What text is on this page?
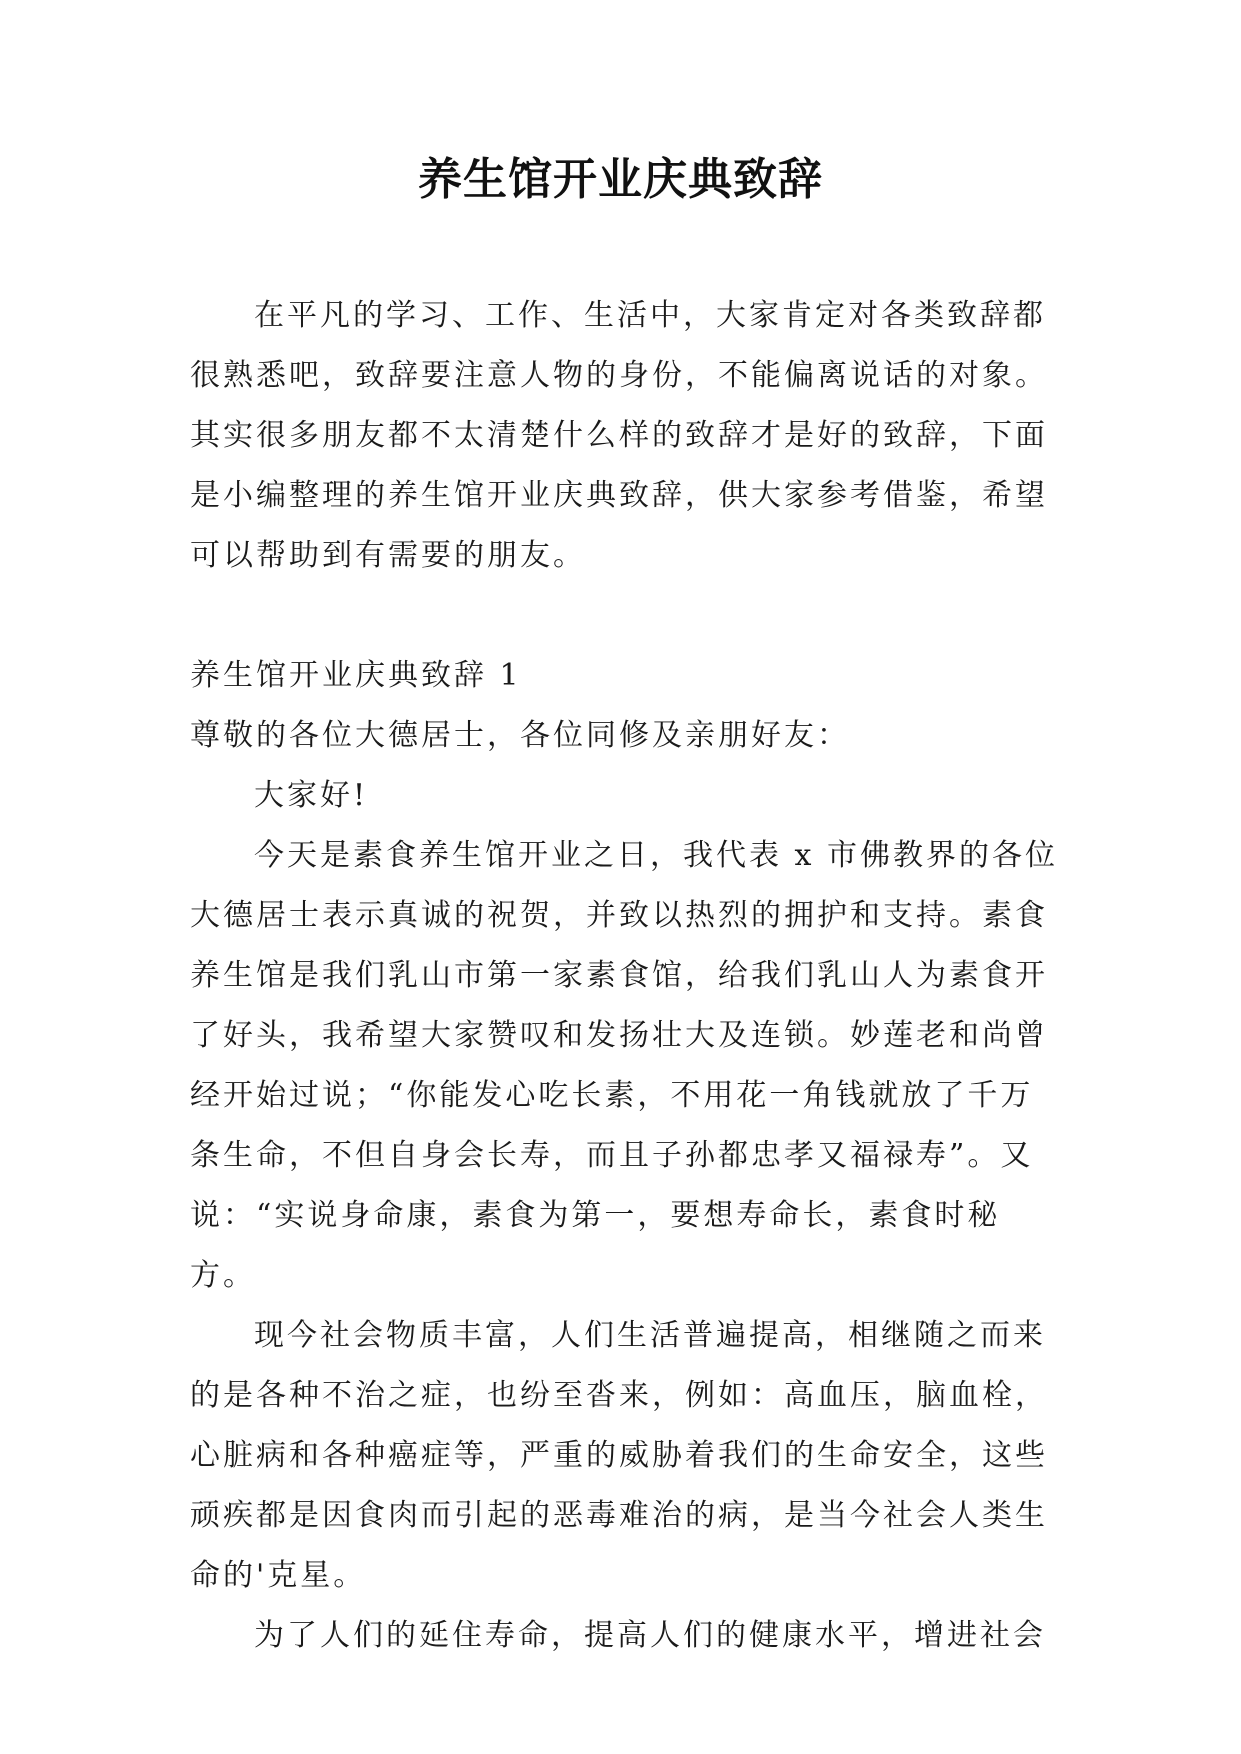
养生馆开业庆典致辞

在平凡的学习、工作、生活中，大家肯定对各类致辞都很熟悉吧，致辞要注意人物的身份，不能偏离说话的对象。其实很多朋友都不太清楚什么样的致辞才是好的致辞，下面是小编整理的养生馆开业庆典致辞，供大家参考借鉴，希望可以帮助到有需要的朋友。

养生馆开业庆典致辞 1

尊敬的各位大德居士，各位同修及亲朋好友：

大家好!

今天是素食养生馆开业之日，我代表 x 市佛教界的各位大德居士表示真诚的祝贺，并致以热烈的拥护和支持。素食养生馆是我们乳山市第一家素食馆，给我们乳山人为素食开了好头，我希望大家赞叹和发扬壮大及连锁。妙莲老和尚曾经开始过说；“你能发心吃长素，不用花一角钱就放了千万条生命，不但自身会长寿，而且子孙都忠孝又福禄寿”。又说：“实说身命康，素食为第一，要想寿命长，素食时秘方。

现今社会物质丰富，人们生活普遍提高，相继随之而来的是各种不治之症，也纷至沓来，例如：高血压，脑血栓，心脏病和各种癌症等，严重的威胁着我们的生命安全，这些顽疾都是因食肉而引起的恶毒难治的病，是当今社会人类生命的'克星。

为了人们的延住寿命，提高人们的健康水平，增进社会
